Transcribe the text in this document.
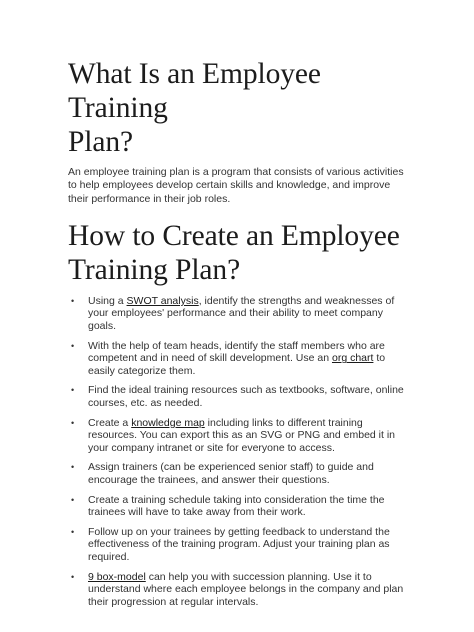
What Is an Employee Training
Plan?

An employee training plan is a program that consists of various activities to help employees develop certain skills and knowledge, and improve their performance in their job roles.

How to Create an Employee
Training Plan?
• Using a SWOT analysis, identify the strengths and weaknesses of your employees' performance and their ability to meet company goals.
• With the help of team heads, identify the staff members who are competent and in need of skill development. Use an org chart to easily categorize them.
• Find the ideal training resources such as textbooks, software, online courses, etc. as needed.
• Create a knowledge map including links to different training resources. You can export this as an SVG or PNG and embed it in your company intranet or site for everyone to access.
• Assign trainers (can be experienced senior staff) to guide and encourage the trainees, and answer their questions.
• Create a training schedule taking into consideration the time the trainees will have to take away from their work.
• Follow up on your trainees by getting feedback to understand the effectiveness of the training program. Adjust your training plan as required.
• 9 box-model can help you with succession planning. Use it to understand where each employee belongs in the company and plan their progression at regular intervals.
